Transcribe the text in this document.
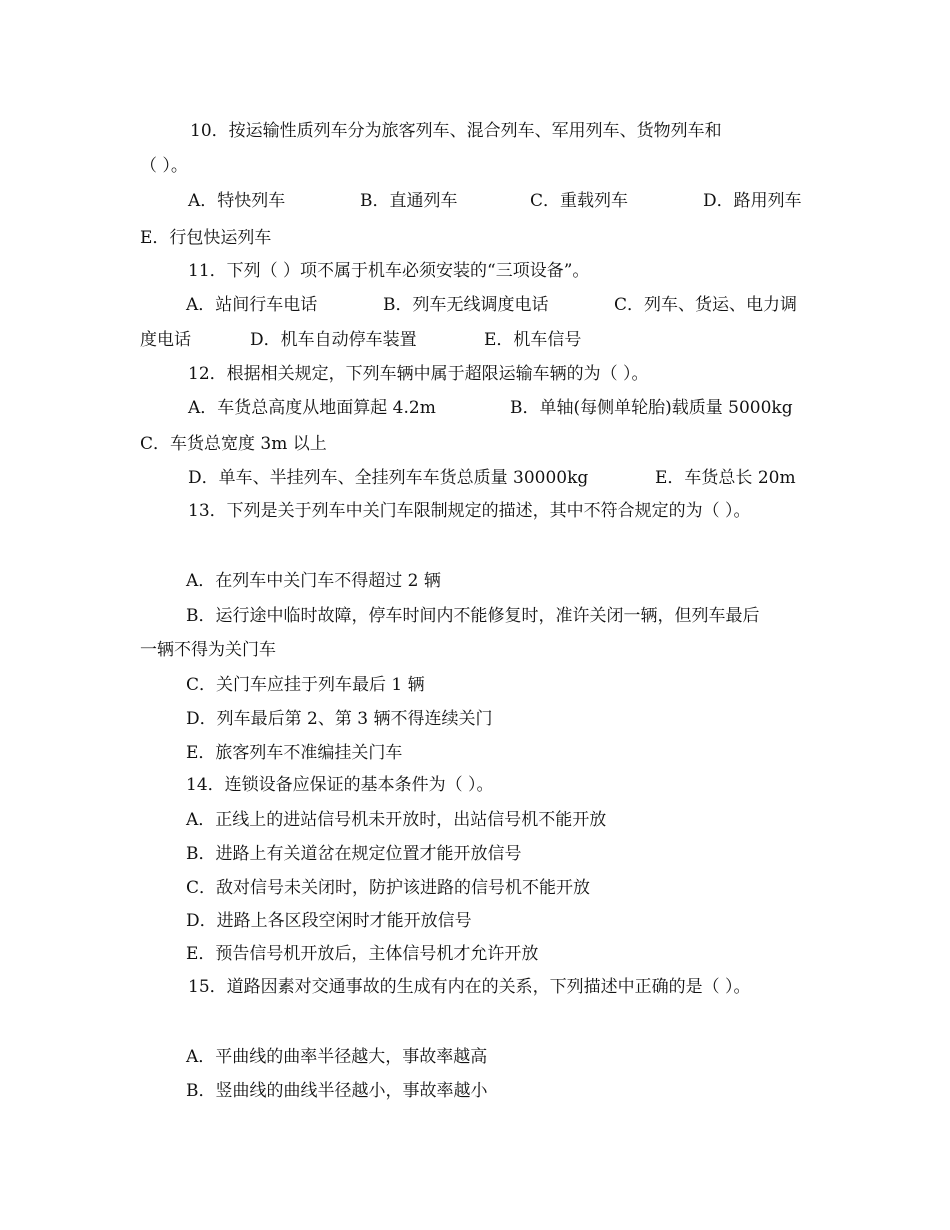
10．按运输性质列车分为旅客列车、混合列车、军用列车、货物列车和
（ ）。
A．特快列车	B．直通列车	C．重载列车	D．路用列车
E．行包快运列车
11．下列（ ）项不属于机车必须安装的“三项设备”。
A．站间行车电话	B．列车无线调度电话	C．列车、货运、电力调
度电话	D．机车自动停车装置	E．机车信号
12．根据相关规定，下列车辆中属于超限运输车辆的为（ ）。
A．车货总高度从地面算起 4.2m	B．单轴(每侧单轮胎)载质量 5000kg
C．车货总宽度 3m 以上
D．单车、半挂列车、全挂列车车货总质量 30000kg	E．车货总长 20m
13．下列是关于列车中关门车限制规定的描述，其中不符合规定的为（ ）。
A．在列车中关门车不得超过 2 辆
B．运行途中临时故障，停车时间内不能修复时，准许关闭一辆，但列车最后
一辆不得为关门车
C．关门车应挂于列车最后 1 辆
D．列车最后第 2、第 3 辆不得连续关门
E．旅客列车不准编挂关门车
14．连锁设备应保证的基本条件为（ ）。
A．正线上的进站信号机未开放时，出站信号机不能开放
B．进路上有关道岔在规定位置才能开放信号
C．敌对信号未关闭时，防护该进路的信号机不能开放
D．进路上各区段空闲时才能开放信号
E．预告信号机开放后，主体信号机才允许开放
15．道路因素对交通事故的生成有内在的关系，下列描述中正确的是（ ）。
A．平曲线的曲率半径越大，事故率越高
B．竖曲线的曲线半径越小，事故率越小
